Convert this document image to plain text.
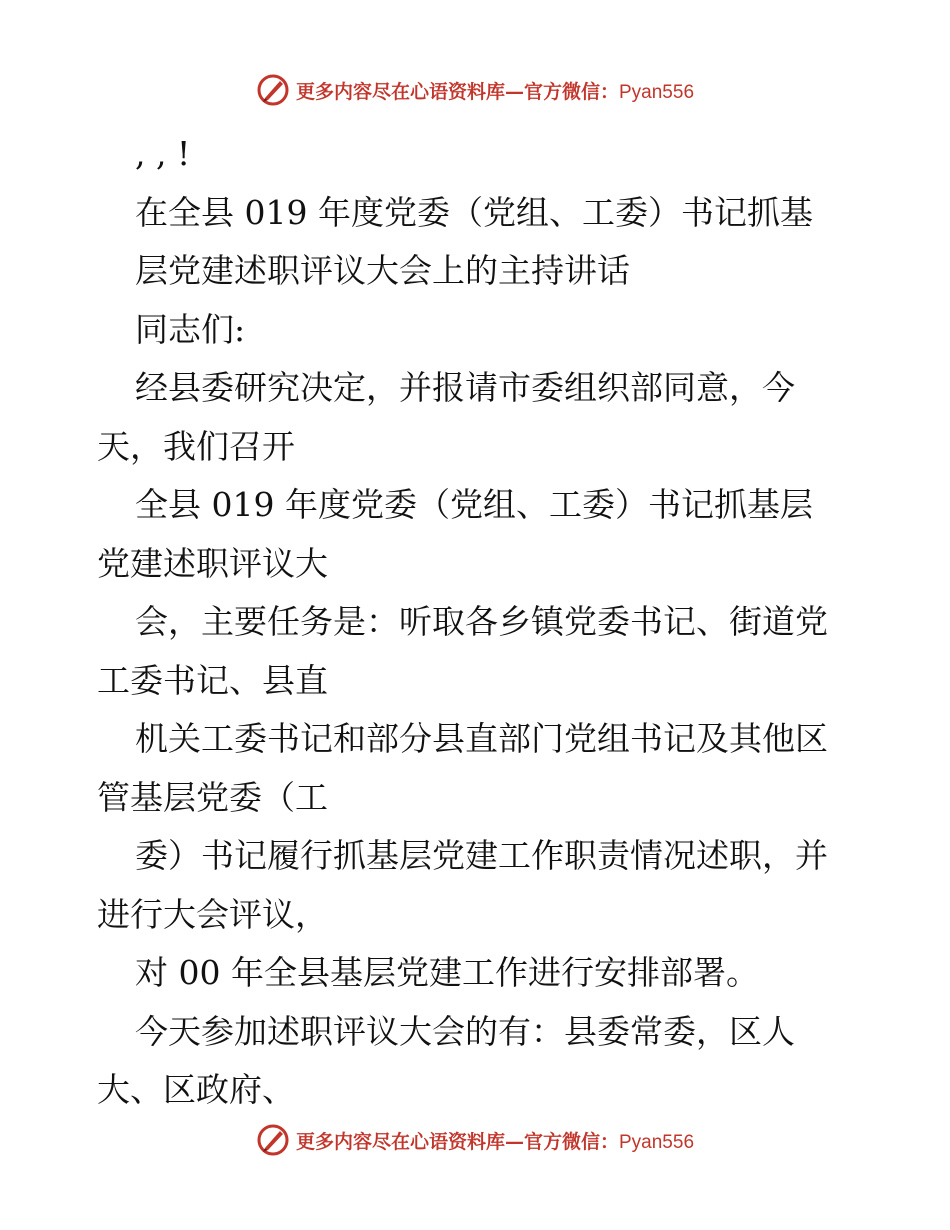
更多内容尽在心语资料库—官方微信：Pyan556
, , !
在全县 019 年度党委（党组、工委）书记抓基
层党建述职评议大会上的主持讲话
同志们:
经县委研究决定，并报请市委组织部同意，今
天，我们召开
全县 019 年度党委（党组、工委）书记抓基层
党建述职评议大
会，主要任务是：听取各乡镇党委书记、街道党
工委书记、县直
机关工委书记和部分县直部门党组书记及其他区
管基层党委（工
委）书记履行抓基层党建工作职责情况述职，并
进行大会评议，
对 00 年全县基层党建工作进行安排部署。
今天参加述职评议大会的有：县委常委，区人
大、区政府、
更多内容尽在心语资料库—官方微信：Pyan556
